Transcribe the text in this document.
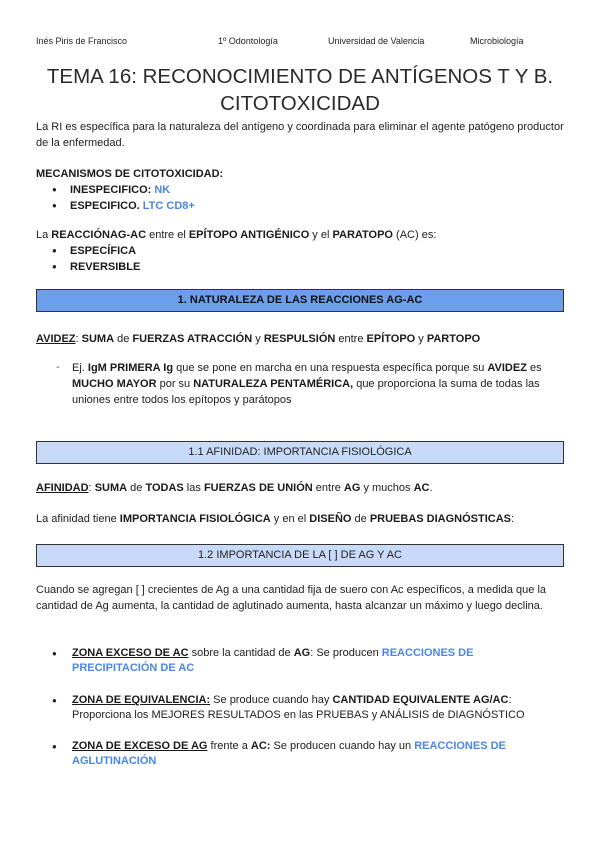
Inés Piris de Francisco	1º Odontología	Universidad de Valencia	Microbiología
TEMA 16: RECONOCIMIENTO DE ANTÍGENOS T Y B.
CITOTOXICIDAD
La RI es específica para la naturaleza del antígeno y coordinada para eliminar el agente patógeno productor de la enfermedad.
MECANISMOS DE CITOTOXICIDAD:
● INESPECIFICO: NK
● ESPECIFICO. LTC CD8+
La REACCIÓNAG-AC entre el EPÍTOPO ANTIGÉNICO y el PARATOPO (AC) es:
● ESPECÍFICA
● REVERSIBLE
1. NATURALEZA DE LAS REACCIONES AG-AC
AVIDEZ: SUMA de FUERZAS ATRACCIÓN y RESPULSIÓN entre EPÍTOPO y PARTOPO
- Ej. IgM PRIMERA Ig que se pone en marcha en una respuesta específica porque su AVIDEZ es MUCHO MAYOR por su NATURALEZA PENTAMÉRICA, que proporciona la suma de todas las uniones entre todos los epítopos y parátopos
1.1 AFINIDAD: IMPORTANCIA FISIOLÓGICA
AFINIDAD: SUMA de TODAS las FUERZAS DE UNIÓN entre AG y muchos AC.
La afinidad tiene IMPORTANCIA FISIOLÓGICA y en el DISEÑO de PRUEBAS DIAGNÓSTICAS:
1.2 IMPORTANCIA DE LA [ ] DE AG Y AC
Cuando se agregan [ ] crecientes de Ag a una cantidad fija de suero con Ac específicos, a medida que la cantidad de Ag aumenta, la cantidad de aglutinado aumenta, hasta alcanzar un máximo y luego declina.
● ZONA EXCESO DE AC sobre la cantidad de AG: Se producen REACCIONES DE PRECIPITACIÓN DE AC
● ZONA DE EQUIVALENCIA: Se produce cuando hay CANTIDAD EQUIVALENTE AG/AC: Proporciona los MEJORES RESULTADOS en las PRUEBAS y ANÁLISIS de DIAGNÓSTICO
● ZONA DE EXCESO DE AG frente a AC: Se producen cuando hay un REACCIONES DE AGLUTINACIÓN
